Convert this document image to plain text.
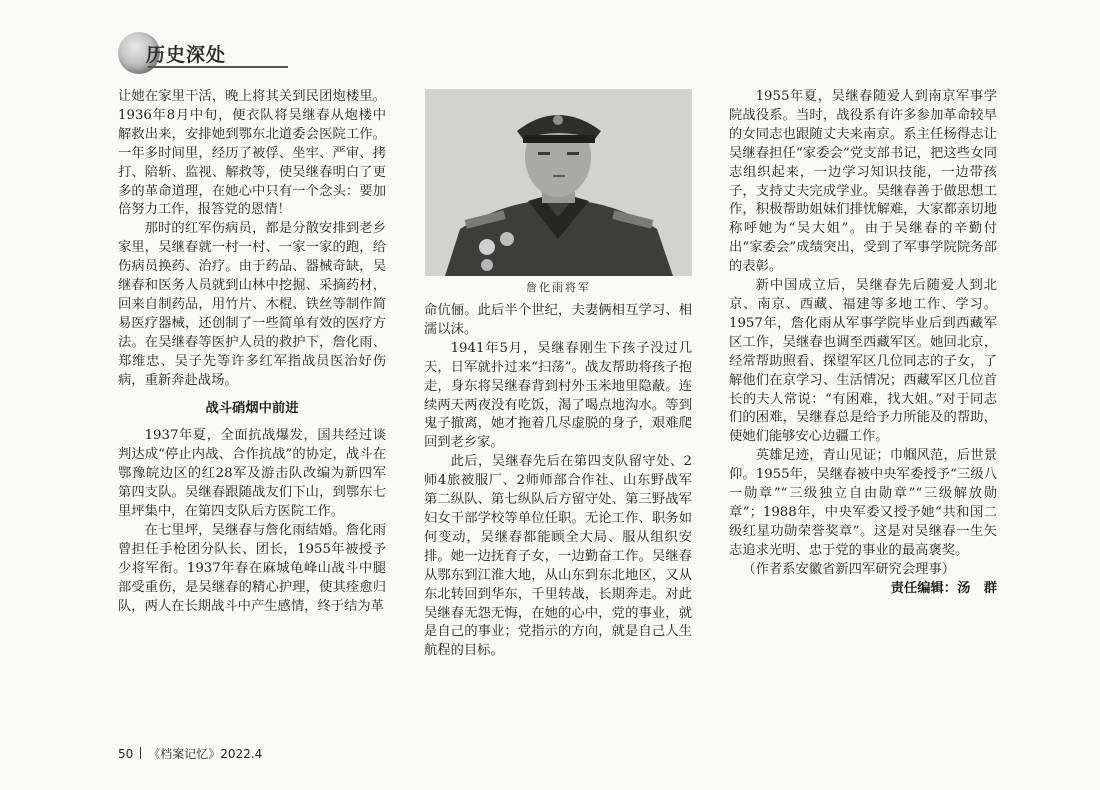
历史深处

让她在家里干活，晚上将其关到民团炮楼里。1936年8月中旬，便衣队将吴继春从炮楼中解救出来，安排她到鄂东北道委会医院工作。一年多时间里，经历了被俘、坐牢、严审、拷打、陪斩、监视、解救等，使吴继春明白了更多的革命道理，在她心中只有一个念头：要加倍努力工作，报答党的恩情！

那时的红军伤病员，都是分散安排到老乡家里，吴继春就一村一村、一家一家的跑，给伤病员换药、治疗。由于药品、器械奇缺，吴继春和医务人员就到山林中挖掘、采摘药材，回来自制药品，用竹片、木棍、铁丝等制作简易医疗器械，还创制了一些简单有效的医疗方法。在吴继春等医护人员的救护下，詹化雨、郑维忠、吴子先等许多红军指战员医治好伤病，重新奔赴战场。

战斗硝烟中前进

1937年夏，全面抗战爆发，国共经过谈判达成“停止内战、合作抗战”的协定，战斗在鄂豫皖边区的红28军及游击队改编为新四军第四支队。吴继春跟随战友们下山，到鄂东七里坪集中，在第四支队后方医院工作。

在七里坪，吴继春与詹化雨结婚。詹化雨曾担任手枪团分队长、团长，1955年被授予少将军衔。1937年春在麻城龟峰山战斗中腿部受重伤，是吴继春的精心护理，使其痊愈归队，两人在长期战斗中产生感情，终于结为革

詹化雨将军

命伉俪。此后半个世纪，夫妻俩相互学习、相濡以沫。

1941年5月，吴继春刚生下孩子没过几天，日军就扑过来“扫荡”。战友帮助将孩子抱走，身东将吴继春背到村外玉米地里隐蔽。连续两天两夜没有吃饭，渴了喝点地沟水。等到鬼子撤离，她才拖着几尽虚脱的身子，艰难爬回到老乡家。

此后，吴继春先后在第四支队留守处、2师4旅被服厂、2师师部合作社、山东野战军第二纵队、第七纵队后方留守处、第三野战军妇女干部学校等单位任职。无论工作、职务如何变动，吴继春都能顾全大局、服从组织安排。她一边抚育子女，一边勤奋工作。吴继春从鄂东到江淮大地，从山东到东北地区，又从东北转回到华东，千里转战，长期奔走。对此吴继春无怨无悔，在她的心中，党的事业，就是自己的事业；党指示的方向，就是自己人生航程的目标。

1955年夏，吴继春随爱人到南京军事学院战役系。当时，战役系有许多参加革命较早的女同志也跟随丈夫来南京。系主任杨得志让吴继春担任“家委会”党支部书记，把这些女同志组织起来，一边学习知识技能，一边带孩子，支持丈夫完成学业。吴继春善于做思想工作，积极帮助姐妹们排忧解难，大家都亲切地称呼她为“吴大姐”。由于吴继春的辛勤付出“家委会”成绩突出，受到了军事学院院务部的表彰。

新中国成立后，吴继春先后随爱人到北京、南京、西藏、福建等多地工作、学习。1957年，詹化雨从军事学院毕业后到西藏军区工作，吴继春也调至西藏军区。她回北京，经常帮助照看、探望军区几位同志的子女，了解他们在京学习、生活情况；西藏军区几位首长的夫人常说：“有困难，找大姐。”对于同志们的困难，吴继春总是给予力所能及的帮助，使她们能够安心边疆工作。

英雄足迹，青山见证；巾帼风范，后世景仰。1955年，吴继春被中央军委授予“三级八一勋章”“三级独立自由勋章”“三级解放勋章”；1988年，中央军委又授予她“共和国二级红星功勋荣誉奖章”。这是对吴继春一生矢志追求光明、忠于党的事业的最高褒奖。

（作者系安徽省新四军研究会理事）

责任编辑：汤　群

50 《档案记忆》2022.4
